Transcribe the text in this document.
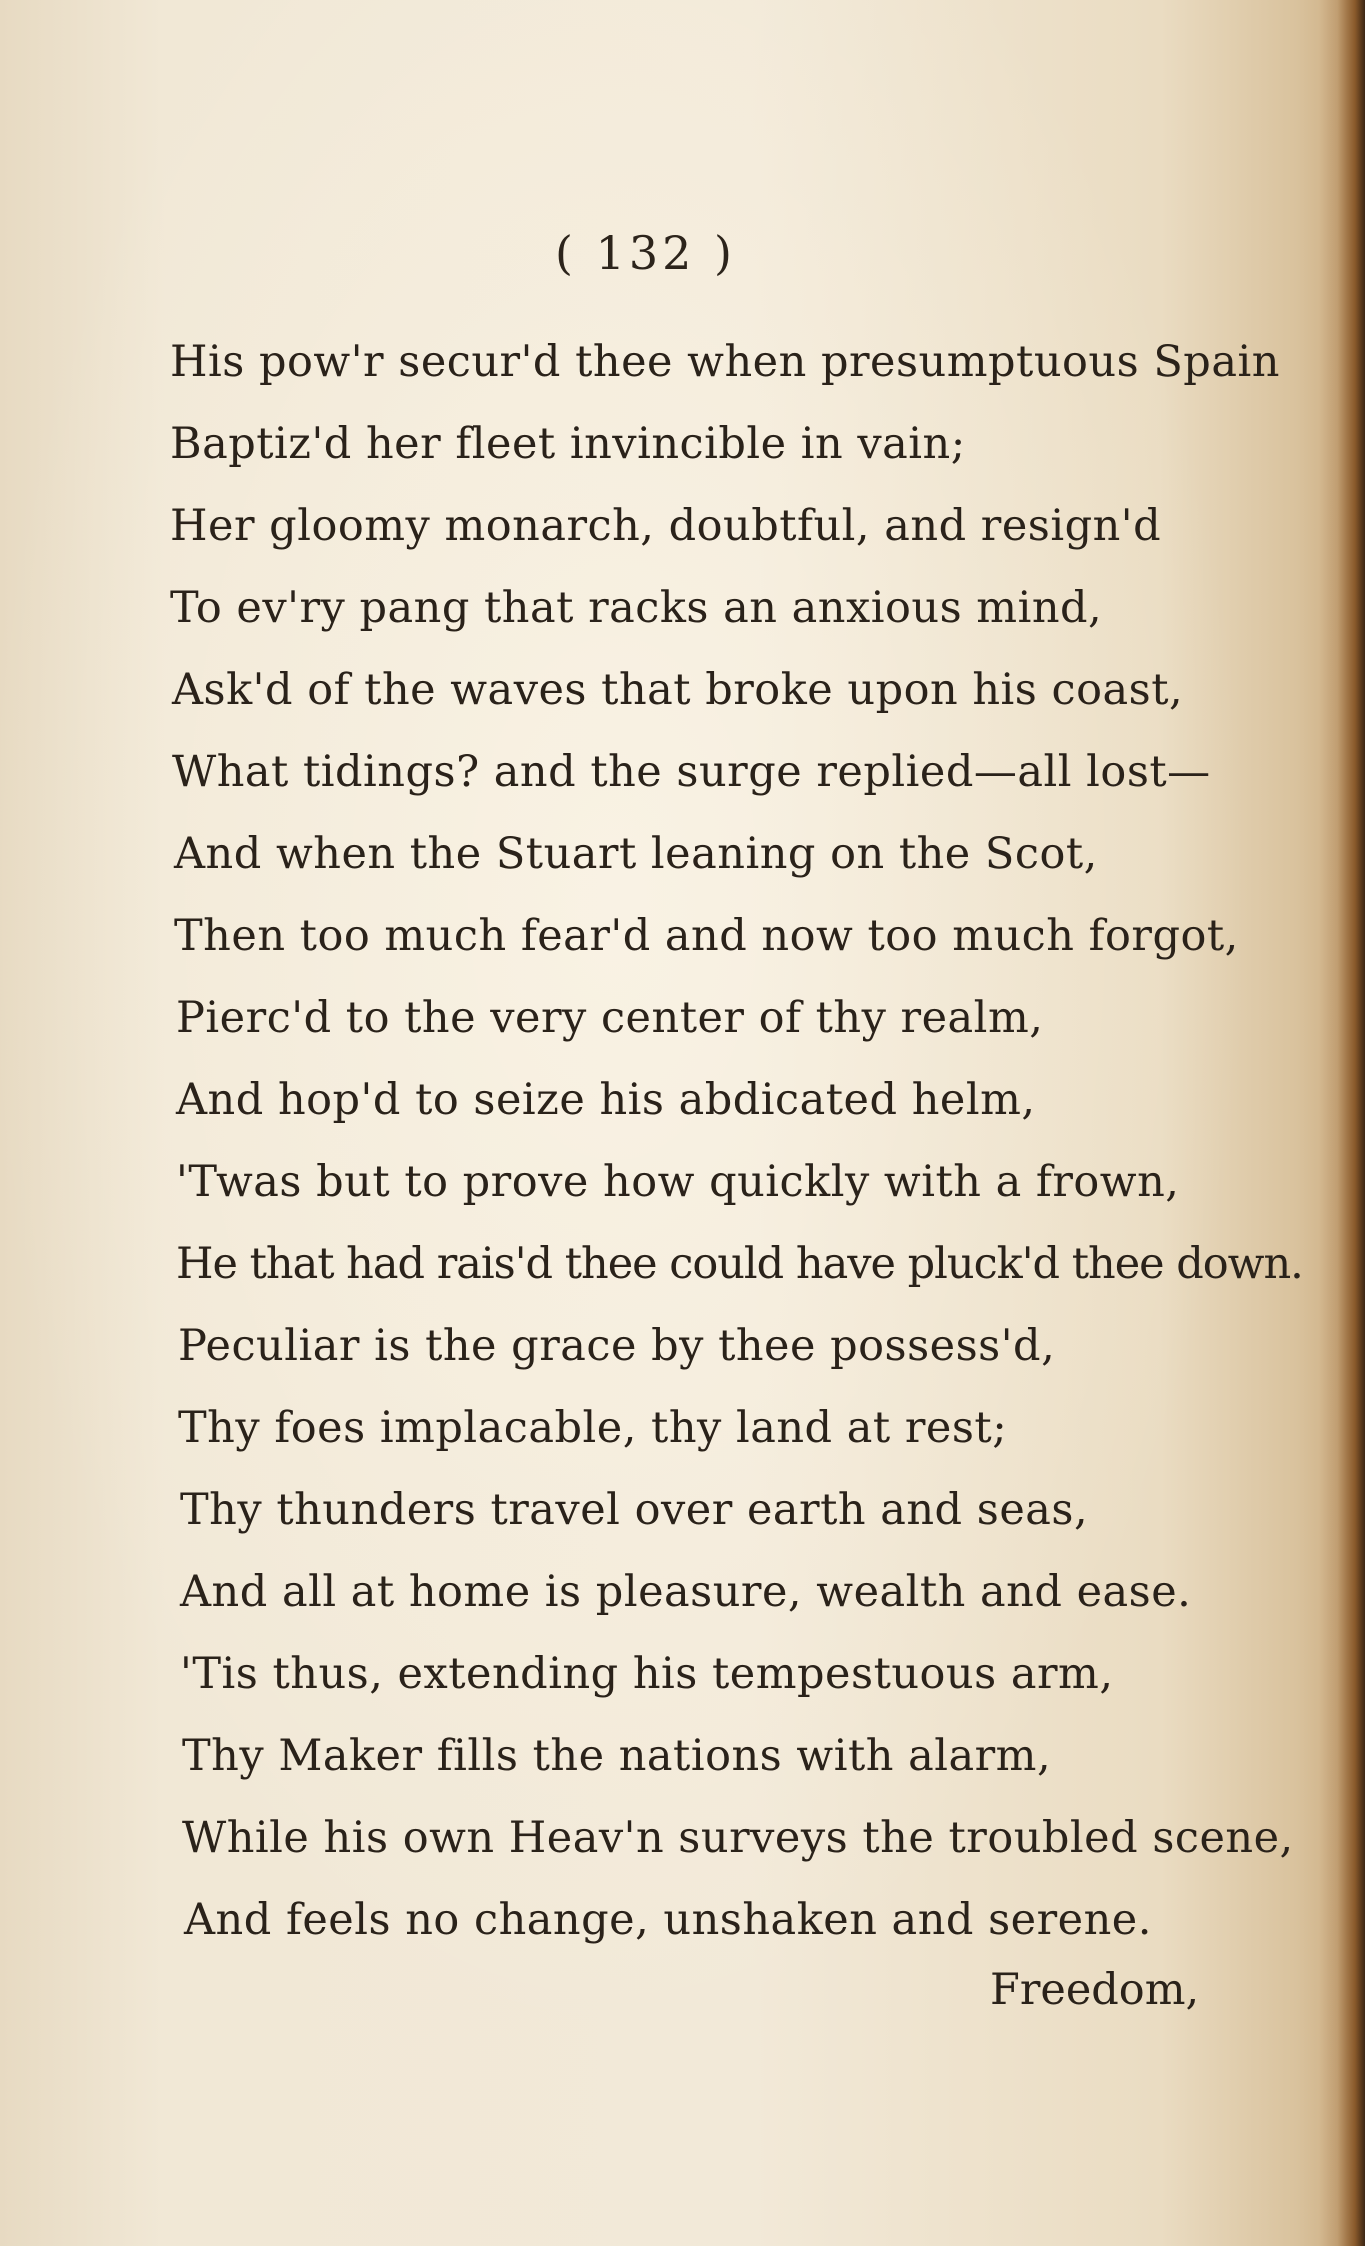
( 132 )
His pow'r secur'd thee when presumptuous Spain
Baptiz'd her fleet invincible in vain;
Her gloomy monarch, doubtful, and resign'd
To ev'ry pang that racks an anxious mind,
Ask'd of the waves that broke upon his coast,
What tidings? and the surge replied—all lost—
And when the Stuart leaning on the Scot,
Then too much fear'd and now too much forgot,
Pierc'd to the very center of thy realm,
And hop'd to seize his abdicated helm,
'Twas but to prove how quickly with a frown,
He that had rais'd thee could have pluck'd thee down.
Peculiar is the grace by thee possess'd,
Thy foes implacable, thy land at rest;
Thy thunders travel over earth and seas,
And all at home is pleasure, wealth and ease.
'Tis thus, extending his tempestuous arm,
Thy Maker fills the nations with alarm,
While his own Heav'n surveys the troubled scene,
And feels no change, unshaken and serene.
Freedom,
